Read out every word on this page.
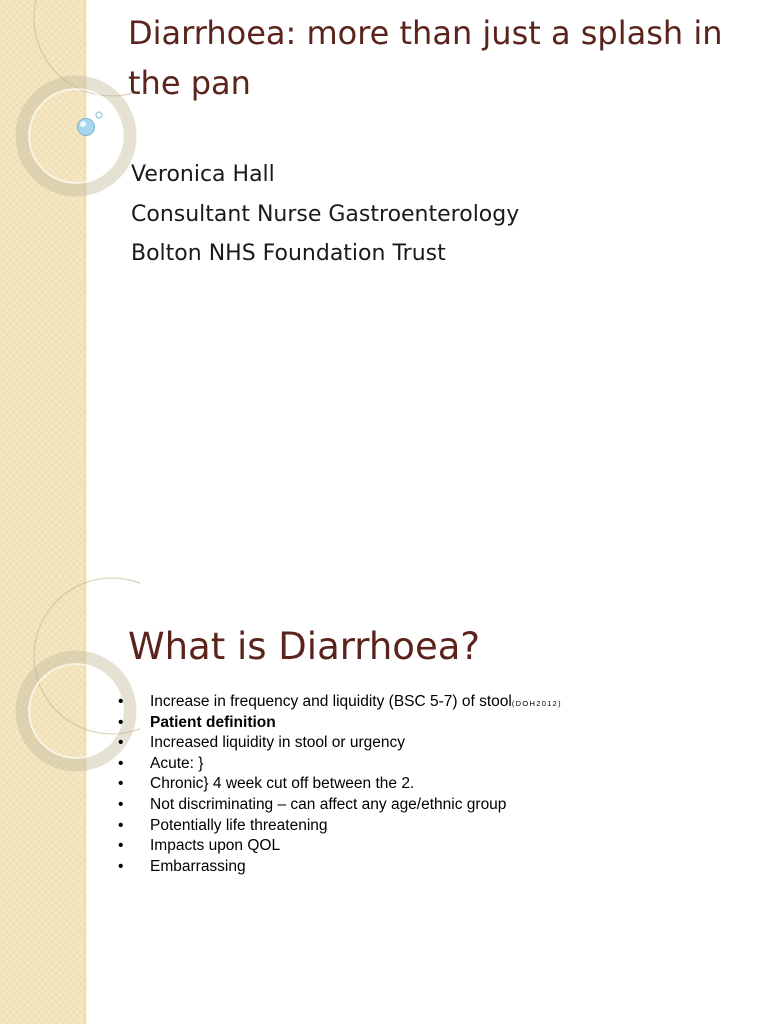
Diarrhoea: more than just a splash in the pan
Veronica Hall
Consultant Nurse Gastroenterology
Bolton NHS Foundation Trust
What is Diarrhoea?
• Increase in frequency and liquidity (BSC 5-7) of stool(DOH2012)
• Patient definition
• Increased liquidity in stool or urgency
• Acute: }
• Chronic} 4 week cut off between the 2.
• Not discriminating – can affect any age/ethnic group
• Potentially life threatening
• Impacts upon QOL
• Embarrassing
